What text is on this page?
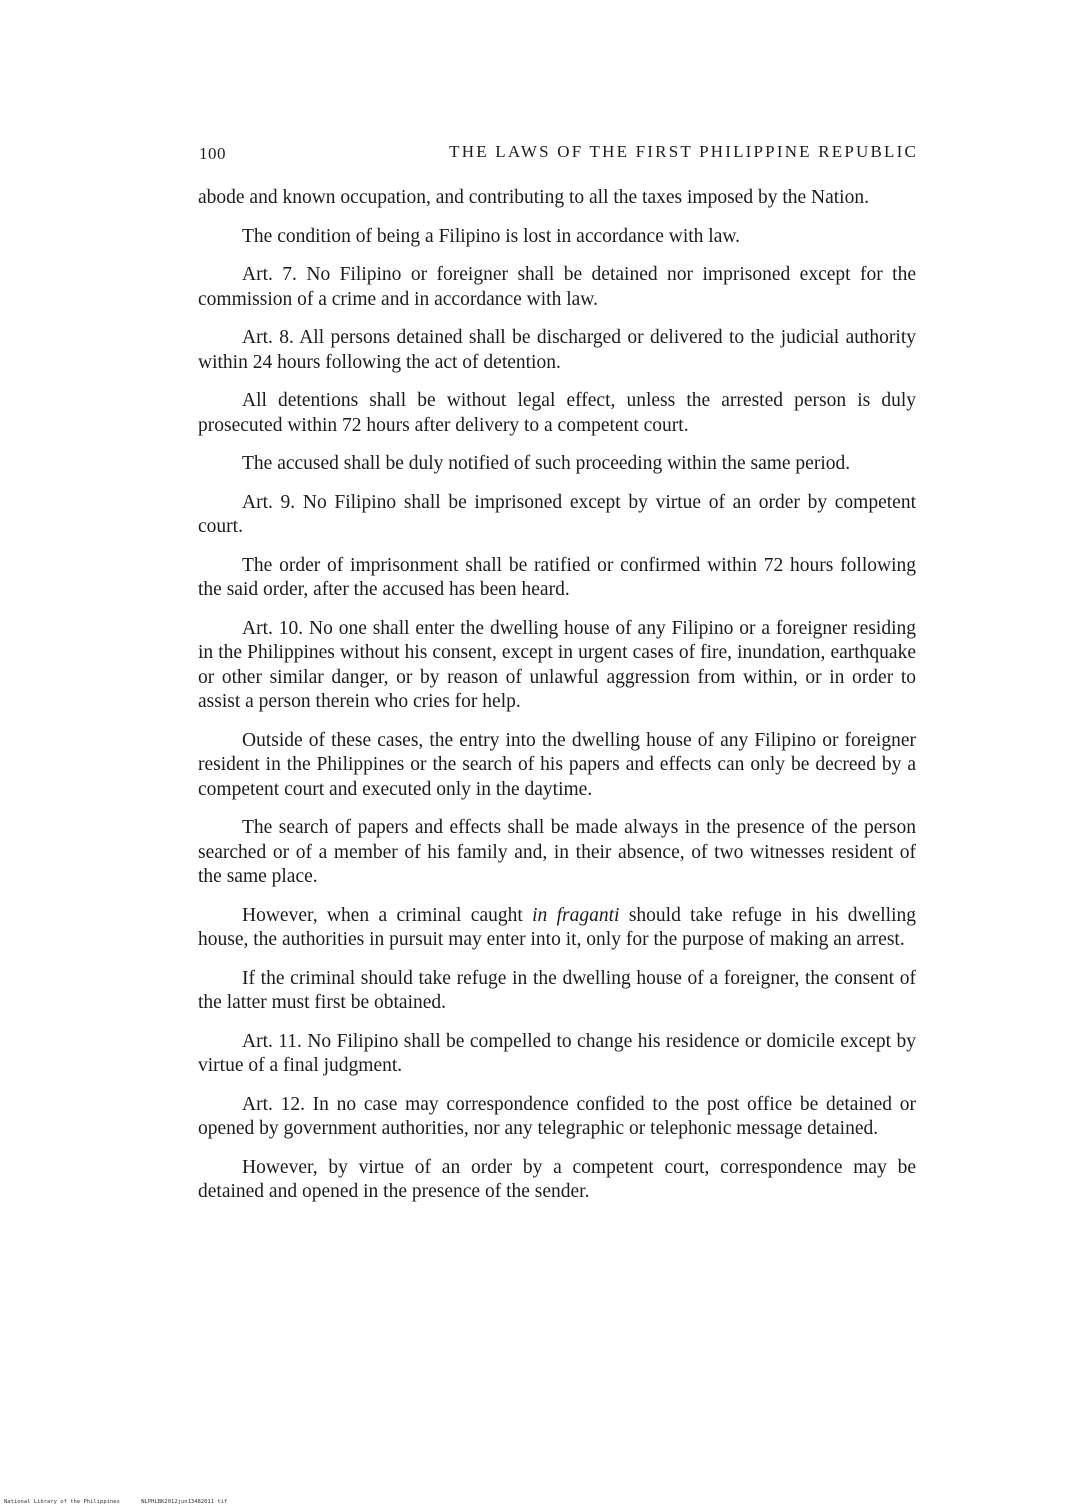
100	THE LAWS OF THE FIRST PHILIPPINE REPUBLIC

abode and known occupation, and contributing to all the taxes imposed by the Nation.

The condition of being a Filipino is lost in accordance with law.

Art. 7. No Filipino or foreigner shall be detained nor imprisoned except for the commission of a crime and in accordance with law.

Art. 8. All persons detained shall be discharged or delivered to the judicial authority within 24 hours following the act of detention.

All detentions shall be without legal effect, unless the arrested person is duly prosecuted within 72 hours after delivery to a competent court.

The accused shall be duly notified of such proceeding within the same period.

Art. 9. No Filipino shall be imprisoned except by virtue of an order by competent court.

The order of imprisonment shall be ratified or confirmed within 72 hours following the said order, after the accused has been heard.

Art. 10. No one shall enter the dwelling house of any Filipino or a foreigner residing in the Philippines without his consent, except in urgent cases of fire, inundation, earthquake or other similar danger, or by reason of unlawful aggression from within, or in order to assist a person therein who cries for help.

Outside of these cases, the entry into the dwelling house of any Filipino or foreigner resident in the Philippines or the search of his papers and effects can only be decreed by a competent court and executed only in the daytime.

The search of papers and effects shall be made always in the presence of the person searched or of a member of his family and, in their absence, of two witnesses resident of the same place.

However, when a criminal caught in fraganti should take refuge in his dwelling house, the authorities in pursuit may enter into it, only for the purpose of making an arrest.

If the criminal should take refuge in the dwelling house of a foreigner, the consent of the latter must first be obtained.

Art. 11. No Filipino shall be compelled to change his residence or domicile except by virtue of a final judgment.

Art. 12. In no case may correspondence confided to the post office be detained or opened by government authorities, nor any telegraphic or telephonic message detained.

However, by virtue of an order by a competent court, correspondence may be detained and opened in the presence of the sender.

National Library of the Philippines	NLPHLBK2012jun13482011 tif
